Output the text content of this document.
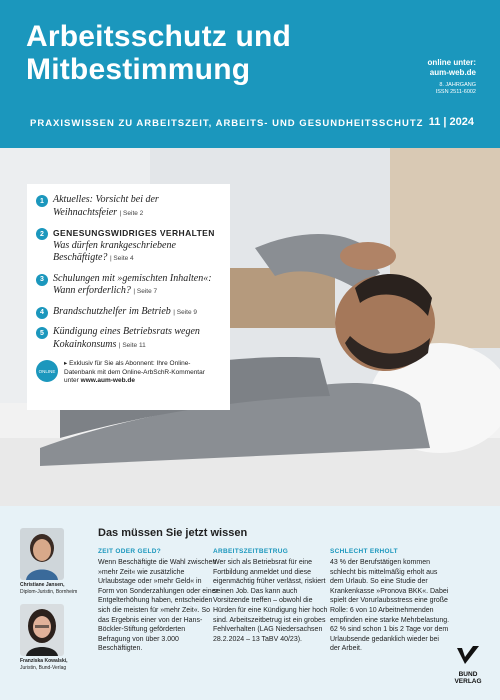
Arbeitsschutz und
Mitbestimmung	online unter:
aum-web.de
8. JAHRGANG
ISSN 2511-6002
PRAXISWISSEN ZU ARBEITSZEIT, ARBEITS- UND GESUNDHEITSSCHUTZ 11 | 2024
1 Aktuelles: Vorsicht bei der Weihnachtsfeier | Seite 2
2	GENESUNGSWIDRIGES VERHALTEN
Was dürfen krankgeschriebene Beschäftigte? | Seite 4
3 Schulungen mit »gemischten Inhalten«: Wann erforderlich? | Seite 7
4 Brandschutzhelfer im Betrieb | Seite 9
5 Kündigung eines Betriebsrats wegen Kokainkonsums | Seite 11
ONLINE
▸ Exklusiv für Sie als Abonnent: Ihre Online-Datenbank mit dem Online-ArbSchR-Kommentar unter www.aum-web.de
Das müssen Sie jetzt wissen
Christiane Jansen,
Diplom-Juristin, Bornheim
Franziska Kowalski,
Juristin, Bund-Verlag
ZEIT ODER GELD?
Wenn Beschäftigte die Wahl zwischen »mehr Zeit« wie zusätzliche Urlaubstage oder »mehr Geld« in Form von Sonderzahlungen oder einer Entgelterhöhung haben, entscheiden sich die meisten für »mehr Zeit«. So das Ergebnis einer von der Hans-Böckler-Stiftung geförderten Befragung von über 3.000 Beschäftigten.
ARBEITSZEITBETRUG
Wer sich als Betriebsrat für eine Fortbildung anmeldet und diese eigenmächtig früher verlässt, riskiert seinen Job. Das kann auch Vorsitzende treffen – obwohl die Hürden für eine Kündigung hier hoch sind. Arbeitszeitbetrug ist ein grobes Fehlverhalten (LAG Niedersachsen 28.2.2024 – 13 TaBV 40/23).
SCHLECHT ERHOLT
43 % der Berufstätigen kommen schlecht bis mittelmäßig erholt aus dem Urlaub. So eine Studie der Krankenkasse »Pronova BKK«. Dabei spielt der Vorurlaubsstress eine große Rolle: 6 von 10 Arbeitnehmenden empfinden eine starke Mehrbelastung. 62 % sind schon 1 bis 2 Tage vor dem Urlaubsende gedanklich wieder bei der Arbeit.
BUND
VERLAG
